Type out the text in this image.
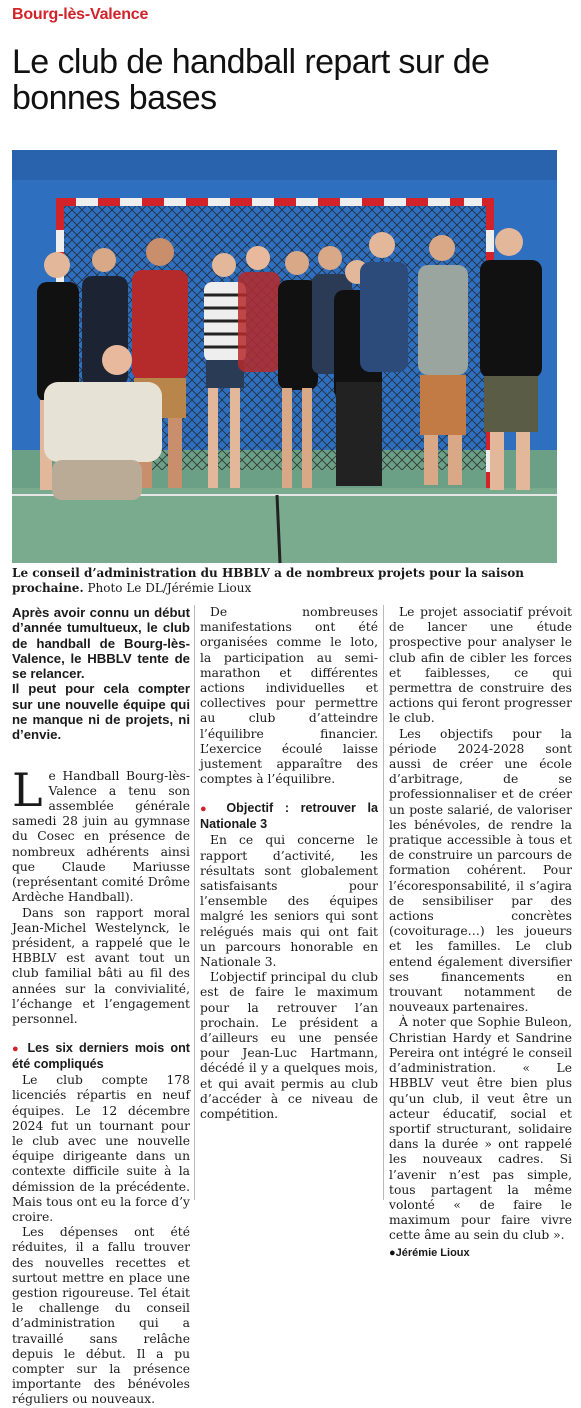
Bourg-lès-Valence
Le club de handball repart sur de bonnes bases
Le conseil d’administration du HBBLV a de nombreux projets pour la saison prochaine. Photo Le DL/Jérémie Lioux

Après avoir connu un début d’année tumultueux, le club de handball de Bourg-lès-Valence, le HBBLV tente de se relancer.

Il peut pour cela compter sur une nouvelle équipe qui ne manque ni de projets, ni d’envie.

L e Handball Bourg-lès-Valence a tenu son assemblée générale samedi 28 juin au gymnase du Cosec en présence de nombreux adhérents ainsi que Claude Mariusse (représentant comité Drôme Ardèche Handball).

Dans son rapport moral Jean-Michel Westelynck, le président, a rappelé que le HBBLV est avant tout un club familial bâti au fil des années sur la convivialité, l’échange et l’engagement personnel.

● Les six derniers mois ont été compliqués

Le club compte 178 licenciés répartis en neuf équipes. Le 12 décembre 2024 fut un tournant pour le club avec une nouvelle équipe dirigeante dans un contexte difficile suite à la démission de la précédente. Mais tous ont eu la force d’y croire.

Les dépenses ont été réduites, il a fallu trouver des nouvelles recettes et surtout mettre en place une gestion rigoureuse. Tel était le challenge du conseil d’administration qui a travaillé sans relâche depuis le début. Il a pu compter sur la présence importante des bénévoles réguliers ou nouveaux.

De nombreuses manifestations ont été organisées comme le loto, la participation au semi-marathon et différentes actions individuelles et collectives pour permettre au club d’atteindre l’équilibre financier. L’exercice écoulé laisse justement apparaître des comptes à l’équilibre.

● Objectif : retrouver la Nationale 3

En ce qui concerne le rapport d’activité, les résultats sont globalement satisfaisants pour l’ensemble des équipes malgré les seniors qui sont relégués mais qui ont fait un parcours honorable en Nationale 3.

L’objectif principal du club est de faire le maximum pour la retrouver l’an prochain. Le président a d’ailleurs eu une pensée pour Jean-Luc Hartmann, décédé il y a quelques mois, et qui avait permis au club d’accéder à ce niveau de compétition.

Le projet associatif prévoit de lancer une étude prospective pour analyser le club afin de cibler les forces et faiblesses, ce qui permettra de construire des actions qui feront progresser le club.

Les objectifs pour la période 2024-2028 sont aussi de créer une école d’arbitrage, de se professionnaliser et de créer un poste salarié, de valoriser les bénévoles, de rendre la pratique accessible à tous et de construire un parcours de formation cohérent. Pour l’écoresponsabilité, il s’agira de sensibiliser par des actions concrètes (covoiturage…) les joueurs et les familles. Le club entend également diversifier ses financements en trouvant notamment de nouveaux partenaires.

À noter que Sophie Buleon, Christian Hardy et Sandrine Pereira ont intégré le conseil d’administration. « Le HBBLV veut être bien plus qu’un club, il veut être un acteur éducatif, social et sportif structurant, solidaire dans la durée » ont rappelé les nouveaux cadres. Si l’avenir n’est pas simple, tous partagent la même volonté « de faire le maximum pour faire vivre cette âme au sein du club ».

●Jérémie Lioux
